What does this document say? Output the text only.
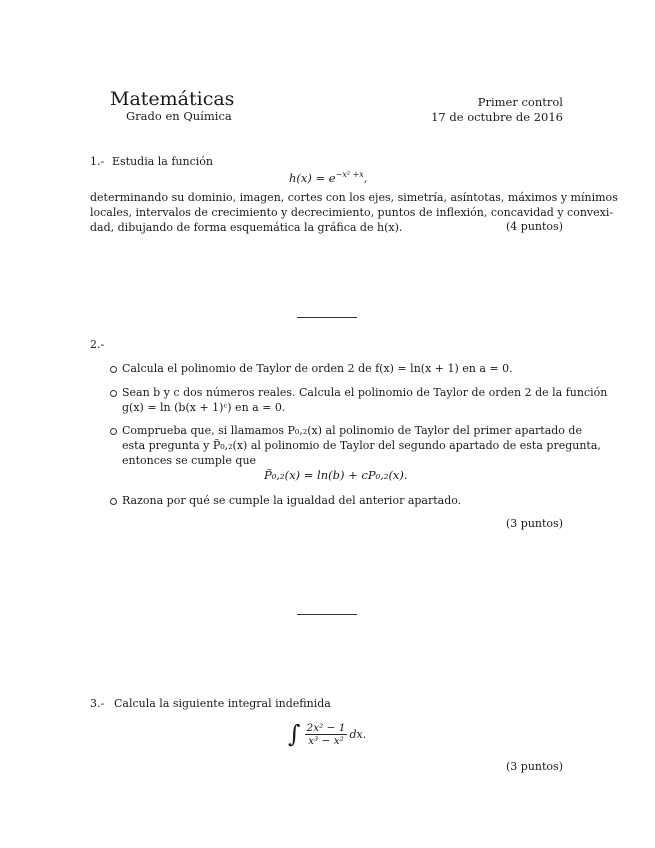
Matemáticas
Grado en Química
Primer control
17 de octubre de 2016
1.- Estudia la función
$h(x) = e^{-x^2 +x}$,
determinando su dominio, imagen, cortes con los ejes, simetría, asíntotas, máximos y mínimos
locales, intervalos de crecimiento y decrecimiento, puntos de inflexión, concavidad y convexi-
dad, dibujando de forma esquemática la gráfica de h(x).	(4 puntos)
2.-
Calcula el polinomio de Taylor de orden 2 de f(x) = ln(x + 1) en a = 0.
Sean b y c dos números reales. Calcula el polinomio de Taylor de orden 2 de la función
g(x) = ln (b(x + 1)ᶜ) en a = 0.
Comprueba que, si llamamos P₀,₂(x) al polinomio de Taylor del primer apartado de
esta pregunta y P̃₀,₂(x) al polinomio de Taylor del segundo apartado de esta pregunta,
entonces se cumple que
P̃₀,₂(x) = ln(b) + cP₀,₂(x).
Razona por qué se cumple la igualdad del anterior apartado.
(3 puntos)
3.- Calcula la siguiente integral indefinida
∫ $\frac{\text{2x² − 1}}{\text{x³ − x²}}$ dx.
(3 puntos)
